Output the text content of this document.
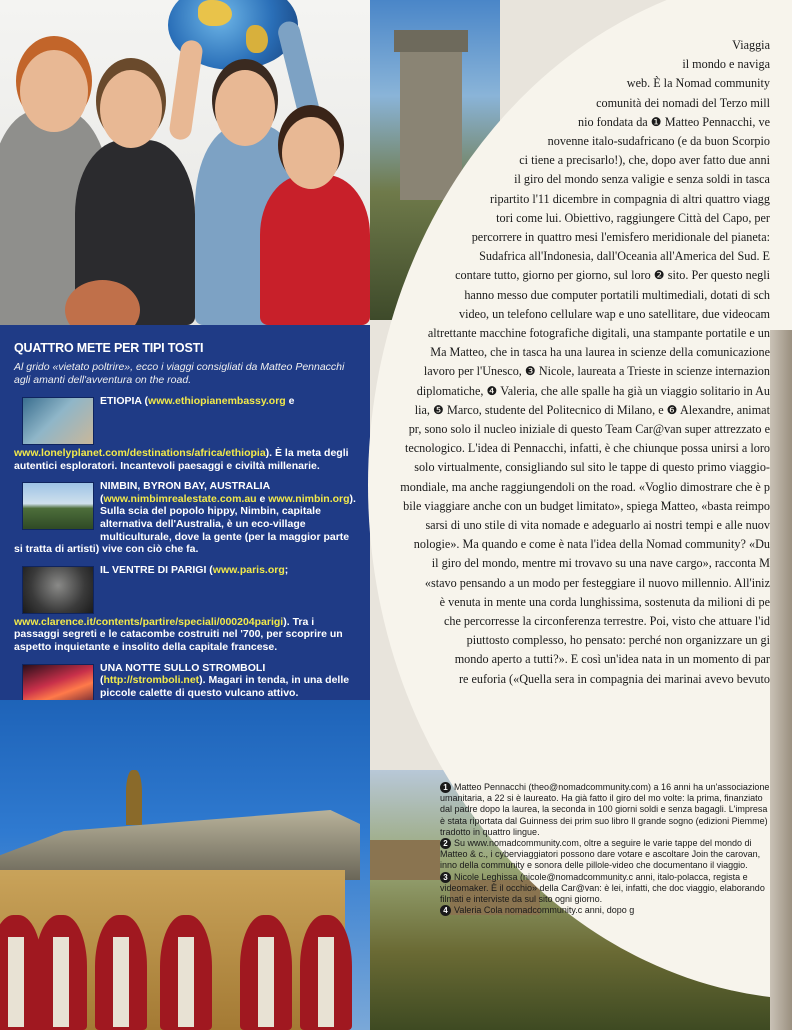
QUATTRO METE PER TIPI TOSTI

Al grido «vietato poltrire», ecco i viaggi consigliati da Matteo Pennacchi agli amanti dell'avventura on the road.

ETIOPIA (www.ethiopianembassy.org e www.lonelyplanet.com/destinations/africa/ethiopia). È la meta degli autentici esploratori. Incantevoli paesaggi e civiltà millenarie.
NIMBIN, BYRON BAY, AUSTRALIA (www.nimbimrealestate.com.au e www.nimbin.org). Sulla scia del popolo hippy, Nimbin, capitale alternativa dell'Australia, è un eco-village multiculturale, dove la gente (per la maggior parte si tratta di artisti) vive con ciò che fa.
IL VENTRE DI PARIGI (www.paris.org; www.clarence.it/contents/partire/speciali/000204parigi). Tra i passaggi segreti e le catacombe costruiti nel '700, per scoprire un aspetto inquietante e insolito della capitale francese.
UNA NOTTE SULLO STROMBOLI (http://stromboli.net). Magari in tenda, in una delle piccole calette di questo vulcano attivo.
Viaggia
il mondo e naviga
web. È la Nomad community
comunità dei nomadi del Terzo mill
nio fondata da ❶ Matteo Pennacchi, ve
novenne italo-sudafricano (e da buon Scorpio
ci tiene a precisarlo!), che, dopo aver fatto due anni
il giro del mondo senza valigie e senza soldi in tasca
ripartito l'11 dicembre in compagnia di altri quattro viagg
tori come lui. Obiettivo, raggiungere Città del Capo, per
percorrere in quattro mesi l'emisfero meridionale del pianeta:
Sudafrica all'Indonesia, dall'Oceania all'America del Sud. E
contare tutto, giorno per giorno, sul loro ❷ sito. Per questo negli
hanno messo due computer portatili multimediali, dotati di sch
video, un telefono cellulare wap e uno satellitare, due videocam
altrettante macchine fotografiche digitali, una stampante portatile e un
Ma Matteo, che in tasca ha una laurea in scienze della comunicazione
lavoro per l'Unesco, ❸ Nicole, laureata a Trieste in scienze internazion
diplomatiche, ❹ Valeria, che alle spalle ha già un viaggio solitario in Au
lia, ❺ Marco, studente del Politecnico di Milano, e ❻ Alexandre, animat
pr, sono solo il nucleo iniziale di questo Team Car@van super attrezzato e
tecnologico. L'idea di Pennacchi, infatti, è che chiunque possa unirsi a loro
solo virtualmente, consigliando sul sito le tappe di questo primo viaggio-
mondiale, ma anche raggiungendoli on the road. «Voglio dimostrare che è p
bile viaggiare anche con un budget limitato», spiega Matteo, «basta reimpo
sarsi di uno stile di vita nomade e adeguarlo ai nostri tempi e alle nuov
nologie». Ma quando e come è nata l'idea della Nomad community? «Du
il giro del mondo, mentre mi trovavo su una nave cargo», racconta M
«stavo pensando a un modo per festeggiare il nuovo millennio. All'iniz
è venuta in mente una corda lunghissima, sostenuta da milioni di pe
che percorresse la circonferenza terrestre. Poi, visto che attuare l'id
piuttosto complesso, ho pensato: perché non organizzare un gi
mondo aperto a tutti?». E così un'idea nata in un momento di par
re euforia («Quella sera in compagnia dei marinai avevo bevuto
1 Matteo Pennacchi (theo@nomadcommunity.com) a 16 anni ha un'associazione umanitaria, a 22 si è laureato. Ha già fatto il giro del mo volte: la prima, finanziato dal padre dopo la laurea, la seconda in 100 giorni soldi e senza bagagli. L'impresa è stata riportata dal Guinness dei prim suo libro Il grande sogno (edizioni Piemme) tradotto in quattro lingue.
2 Su www.nomadcommunity.com, oltre a seguire le varie tappe del mondo di Matteo & c., i cyberviaggiatori possono dare votare e ascoltare Join the carovan, inno della community e sonora delle pillole-video che documentano il viaggio.
3 Nicole Leghissa (nicole@nomadcommunity.c anni, italo-polacca, regista e videomaker. È il occhio» della Car@van: è lei, infatti, che doc viaggio, elaborando filmati e interviste da sul sito ogni giorno.
4 Valeria Cola nomadcommunity.c anni, dopo g
